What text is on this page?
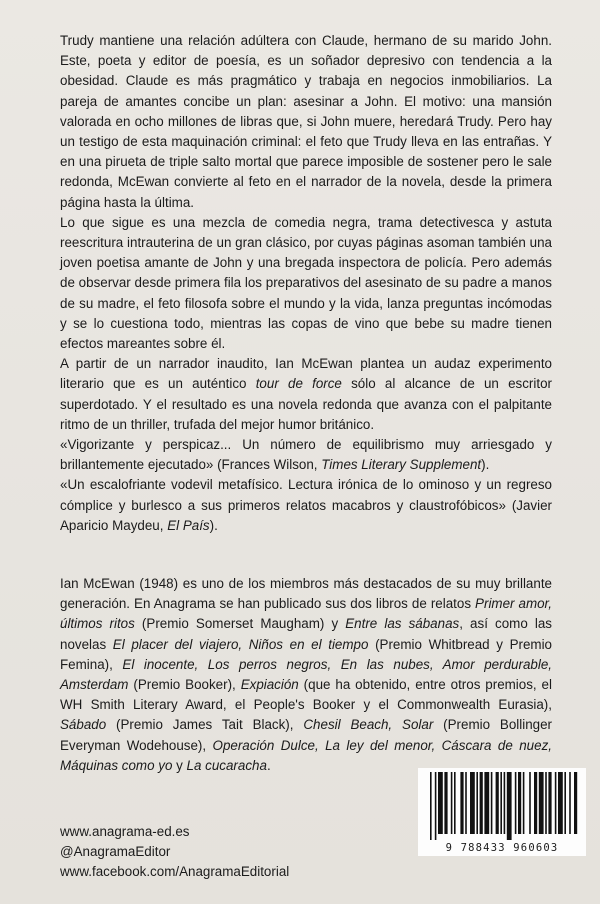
Trudy mantiene una relación adúltera con Claude, hermano de su marido John. Este, poeta y editor de poesía, es un soñador depresivo con tendencia a la obesidad. Claude es más pragmático y trabaja en negocios inmobiliarios. La pareja de amantes concibe un plan: asesinar a John. El motivo: una mansión valorada en ocho millones de libras que, si John muere, heredará Trudy. Pero hay un testigo de esta maquinación criminal: el feto que Trudy lleva en las entrañas. Y en una pirueta de triple salto mortal que parece imposible de sostener pero le sale redonda, McEwan convierte al feto en el narrador de la novela, desde la primera página hasta la última.

Lo que sigue es una mezcla de comedia negra, trama detectivesca y astuta reescritura intrauterina de un gran clásico, por cuyas páginas asoman también una joven poetisa amante de John y una bregada inspectora de policía. Pero además de observar desde primera fila los preparativos del asesinato de su padre a manos de su madre, el feto filosofa sobre el mundo y la vida, lanza preguntas incómodas y se lo cuestiona todo, mientras las copas de vino que bebe su madre tienen efectos mareantes sobre él.

A partir de un narrador inaudito, Ian McEwan plantea un audaz experimento literario que es un auténtico tour de force sólo al alcance de un escritor superdotado. Y el resultado es una novela redonda que avanza con el palpitante ritmo de un thriller, trufada del mejor humor británico.

«Vigorizante y perspicaz... Un número de equilibrismo muy arriesgado y brillantemente ejecutado» (Frances Wilson, Times Literary Supplement).

«Un escalofriante vodevil metafísico. Lectura irónica de lo ominoso y un regreso cómplice y burlesco a sus primeros relatos macabros y claustrofóbicos» (Javier Aparicio Maydeu, El País).

Ian McEwan (1948) es uno de los miembros más destacados de su muy brillante generación. En Anagrama se han publicado sus dos libros de relatos Primer amor, últimos ritos (Premio Somerset Maugham) y Entre las sábanas, así como las novelas El placer del viajero, Niños en el tiempo (Premio Whitbread y Premio Femina), El inocente, Los perros negros, En las nubes, Amor perdurable, Amsterdam (Premio Booker), Expiación (que ha obtenido, entre otros premios, el WH Smith Literary Award, el People's Booker y el Commonwealth Eurasia), Sábado (Premio James Tait Black), Chesil Beach, Solar (Premio Bollinger Everyman Wodehouse), Operación Dulce, La ley del menor, Cáscara de nuez, Máquinas como yo y La cucaracha.

www.anagrama-ed.es
@AnagramaEditor
www.facebook.com/AnagramaEditorial
9 788433 960603
